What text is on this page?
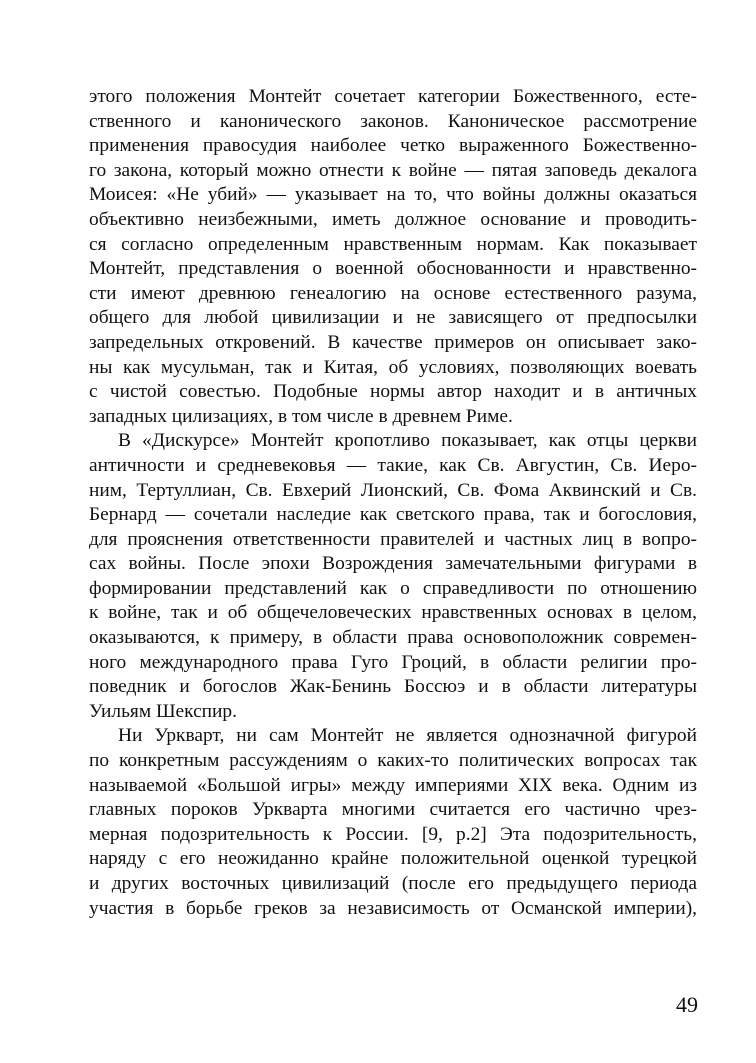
этого положения Монтейт сочетает категории Божественного, есте-
ственного и канонического законов. Каноническое рассмотрение
применения правосудия наиболее четко выраженного Божественно-
го закона, который можно отнести к войне — пятая заповедь декалога
Моисея: «Не убий» — указывает на то, что войны должны оказаться
объективно неизбежными, иметь должное основание и проводить-
ся согласно определенным нравственным нормам. Как показывает
Монтейт, представления о военной обоснованности и нравственно-
сти имеют древнюю генеалогию на основе естественного разума,
общего для любой цивилизации и не зависящего от предпосылки
запредельных откровений. В качестве примеров он описывает зако-
ны как мусульман, так и Китая, об условиях, позволяющих воевать
с чистой совестью. Подобные нормы автор находит и в античных
западных цилизациях, в том числе в древнем Риме.
В «Дискурсе» Монтейт кропотливо показывает, как отцы церкви
античности и средневековья — такие, как Св. Августин, Св. Иеро-
ним, Тертуллиан, Св. Евхерий Лионский, Св. Фома Аквинский и Св.
Бернард — сочетали наследие как светского права, так и богословия,
для прояснения ответственности правителей и частных лиц в вопро-
сах войны. После эпохи Возрождения замечательными фигурами в
формировании представлений как о справедливости по отношению
к войне, так и об общечеловеческих нравственных основах в целом,
оказываются, к примеру, в области права основоположник современ-
ного международного права Гуго Гроций, в области религии про-
поведник и богослов Жак-Бенинь Боссюэ и в области литературы
Уильям Шекспир.
Ни Уркварт, ни сам Монтейт не является однозначной фигурой
по конкретным рассуждениям о каких-то политических вопросах так
называемой «Большой игры» между империями XIX века. Одним из
главных пороков Уркварта многими считается его частично чрез-
мерная подозрительность к России. [9, p.2] Эта подозрительность,
наряду с его неожиданно крайне положительной оценкой турецкой
и других восточных цивилизаций (после его предыдущего периода
участия в борьбе греков за независимость от Османской империи),
49
